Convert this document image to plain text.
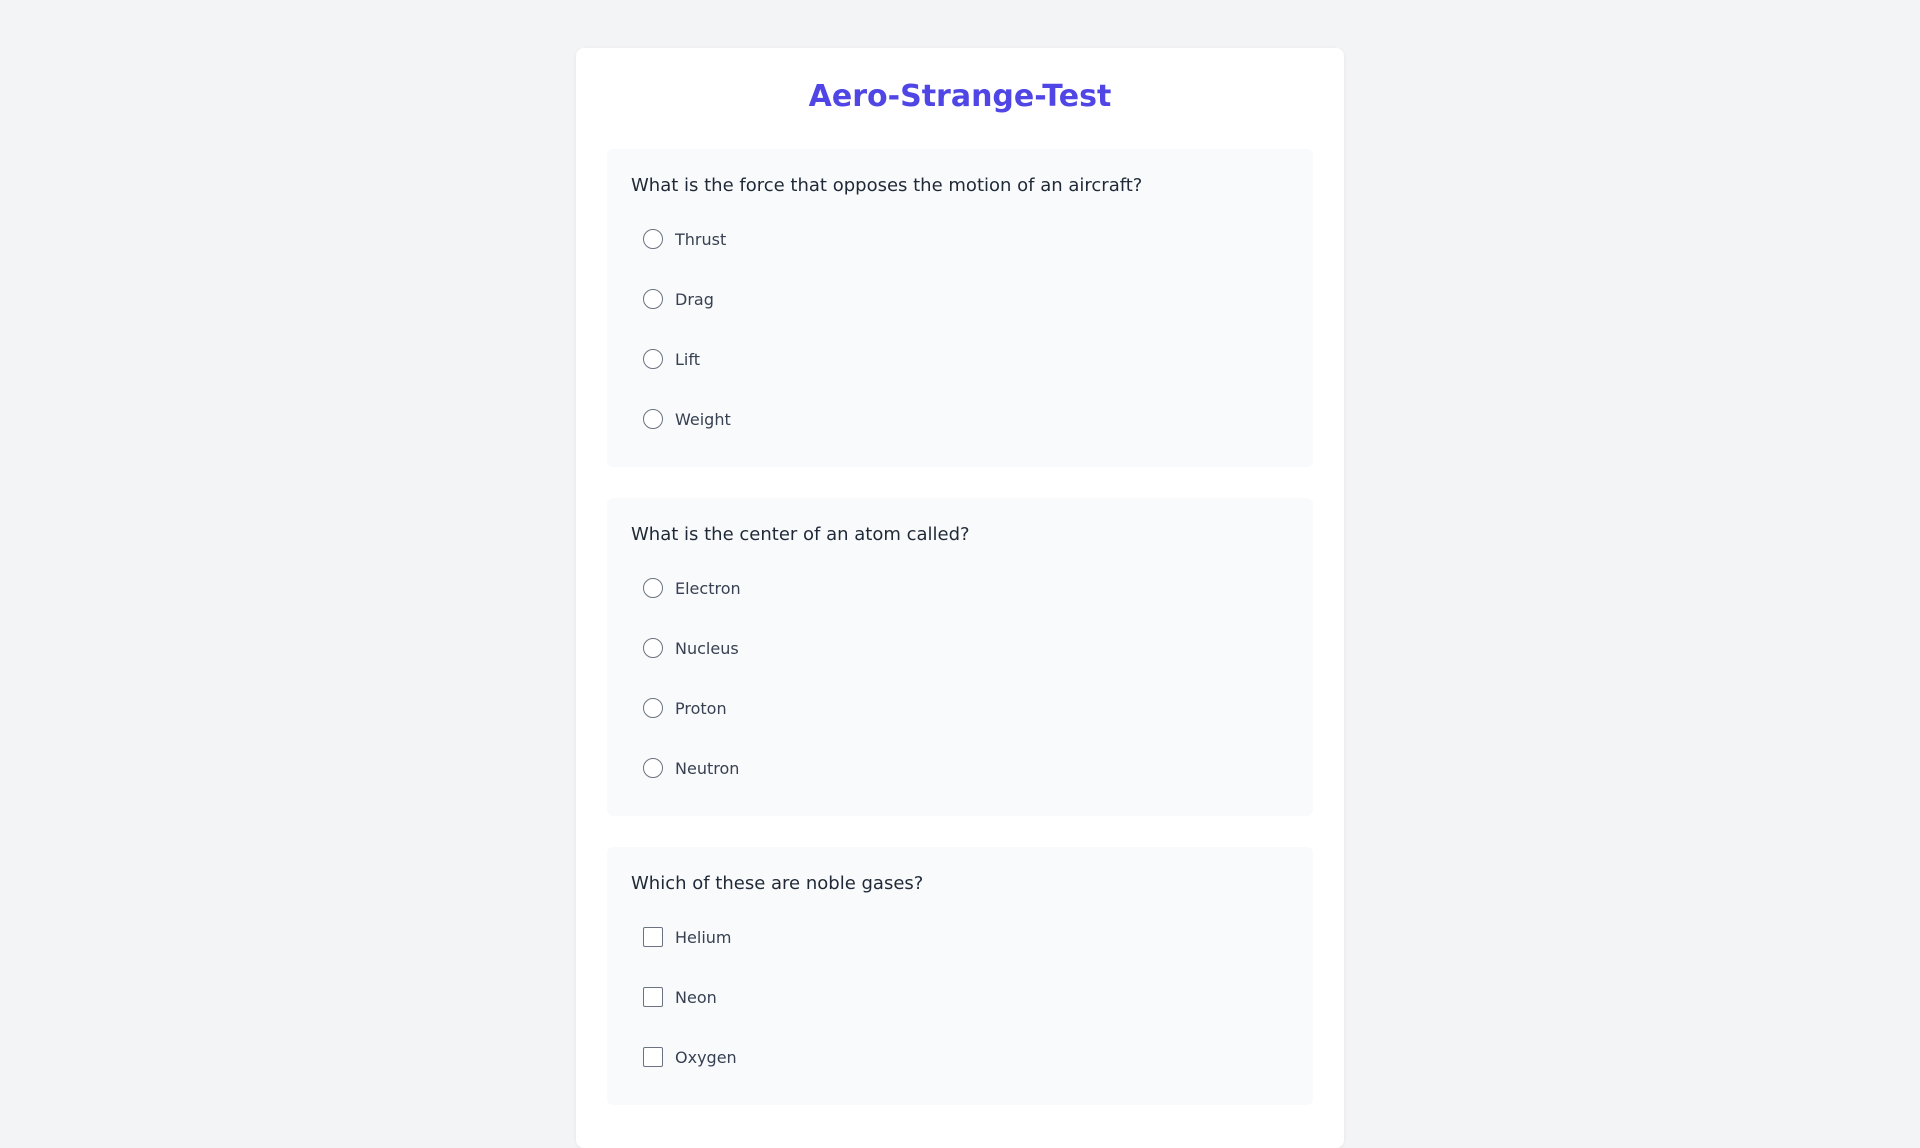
Aero-Strange-Test

What is the force that opposes the motion of an aircraft?

Thrust
Drag
Lift
Weight

What is the center of an atom called?

Electron
Nucleus
Proton
Neutron

Which of these are noble gases?

Helium
Neon
Oxygen
